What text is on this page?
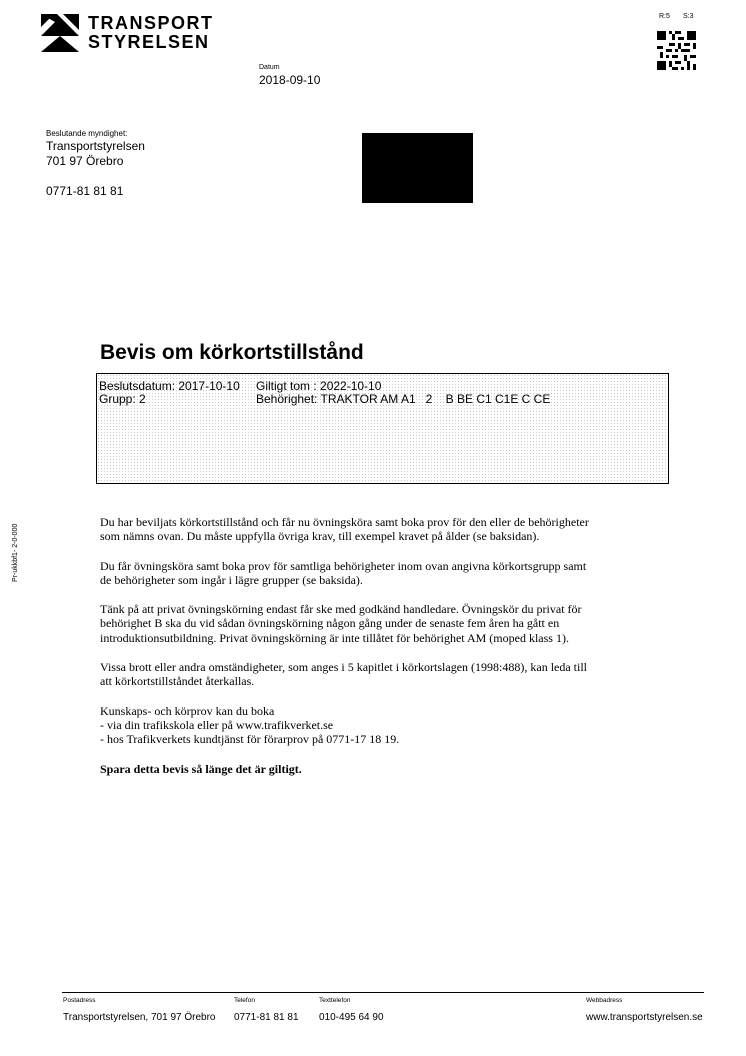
TRANSPORT
STYRELSEN
R:5 S:3
Datum
2018-09-10
Beslutande myndighet:
Transportstyrelsen
701 97 Örebro
0771-81 81 81
Bevis om körkortstillstånd
Beslutsdatum: 2017-10-10 Giltigt tom : 2022-10-10
Grupp: 2	Behörighet: TRAKTOR AM A1   2    B BE C1 C1E C CE

Du har beviljats körkortstillstånd och får nu övningsköra samt boka prov för den eller de behörigheter som nämns ovan. Du måste uppfylla övriga krav, till exempel kravet på ålder (se baksidan).

Du får övningsköra samt boka prov för samtliga behörigheter inom ovan angivna körkortsgrupp samt de behörigheter som ingår i lägre grupper (se baksida).

Tänk på att privat övningskörning endast får ske med godkänd handledare. Övningskör du privat för behörighet B ska du vid sådan övningskörning någon gång under de senaste fem åren ha gått en introduktionsutbildning. Privat övningskörning är inte tillåtet för behörighet AM (moped klass 1).

Vissa brott eller andra omständigheter, som anges i 5 kapitlet i körkortslagen (1998:488), kan leda till att körkortstillståndet återkallas.

Kunskaps- och körprov kan du boka
- via din trafikskola eller på www.trafikverket.se
- hos Trafikverkets kundtjänst för förarprov på 0771-17 18 19.

Spara detta bevis så länge det är giltigt.

Pr-ukkbf1- 2-0-000
Postadress
Transportstyrelsen, 701 97 Örebro
Telefon
0771-81 81 81
Texttelefon
010-495 64 90
Webbadress
www.transportstyrelsen.se
